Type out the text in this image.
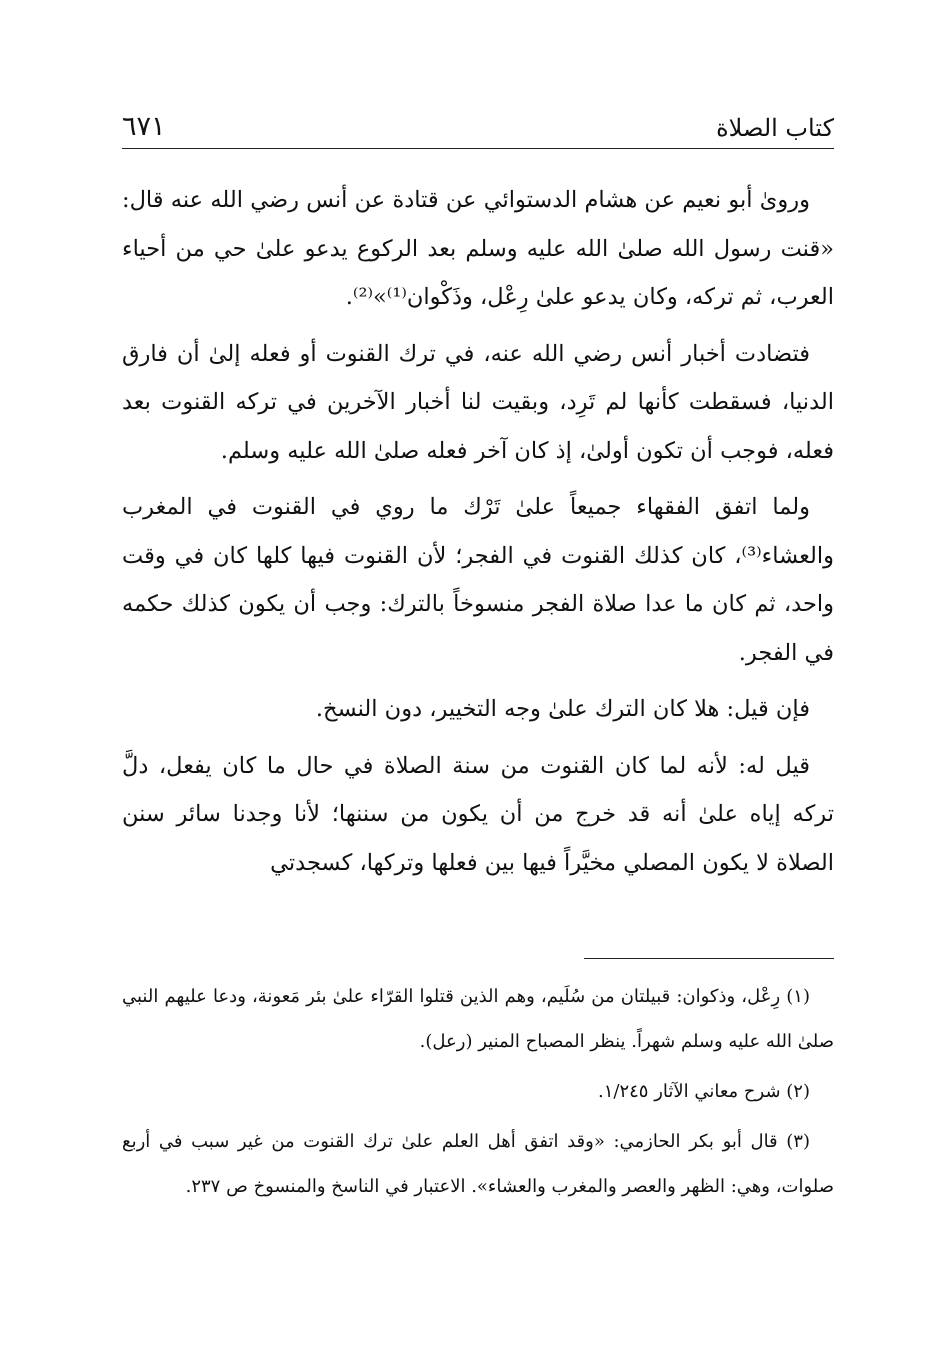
كتاب الصلاة
٦٧١

ورویٰ أبو نعيم عن هشام الدستوائي عن قتادة عن أنس رضي الله عنه قال: «قنت رسول الله صلىٰ الله عليه وسلم بعد الركوع يدعو علىٰ حي من أحياء العرب، ثم تركه، وكان يدعو علىٰ رِعْل، وذَكْوان⁽¹⁾»⁽²⁾.

فتضادت أخبار أنس رضي الله عنه، في ترك القنوت أو فعله إلىٰ أن فارق الدنيا، فسقطت كأنها لم تَرِد، وبقيت لنا أخبار الآخرين في تركه القنوت بعد فعله، فوجب أن تكون أولىٰ، إذ كان آخر فعله صلىٰ الله عليه وسلم.

ولما اتفق الفقهاء جميعاً علىٰ تَرْك ما روي في القنوت في المغرب والعشاء⁽³⁾، كان كذلك القنوت في الفجر؛ لأن القنوت فيها كلها كان في وقت واحد، ثم كان ما عدا صلاة الفجر منسوخاً بالترك: وجب أن يكون كذلك حكمه في الفجر.

فإن قيل: هلا كان الترك علىٰ وجه التخيير، دون النسخ.

قيل له: لأنه لما كان القنوت من سنة الصلاة في حال ما كان يفعل، دلَّ تركه إياه علىٰ أنه قد خرج من أن يكون من سننها؛ لأنا وجدنا سائر سنن الصلاة لا يكون المصلي مخيَّراً فيها بين فعلها وتركها، كسجدتي

(١) رِعْل، وذكوان: قبيلتان من سُلَيم، وهم الذين قتلوا القرّاء علىٰ بئر مَعونة، ودعا عليهم النبي صلىٰ الله عليه وسلم شهراً. ينظر المصباح المنير (رعل).

(٢) شرح معاني الآثار ١/٢٤٥.

(٣) قال أبو بكر الحازمي: «وقد اتفق أهل العلم علىٰ ترك القنوت من غير سبب في أربع صلوات، وهي: الظهر والعصر والمغرب والعشاء». الاعتبار في الناسخ والمنسوخ ص ٢٣٧.
